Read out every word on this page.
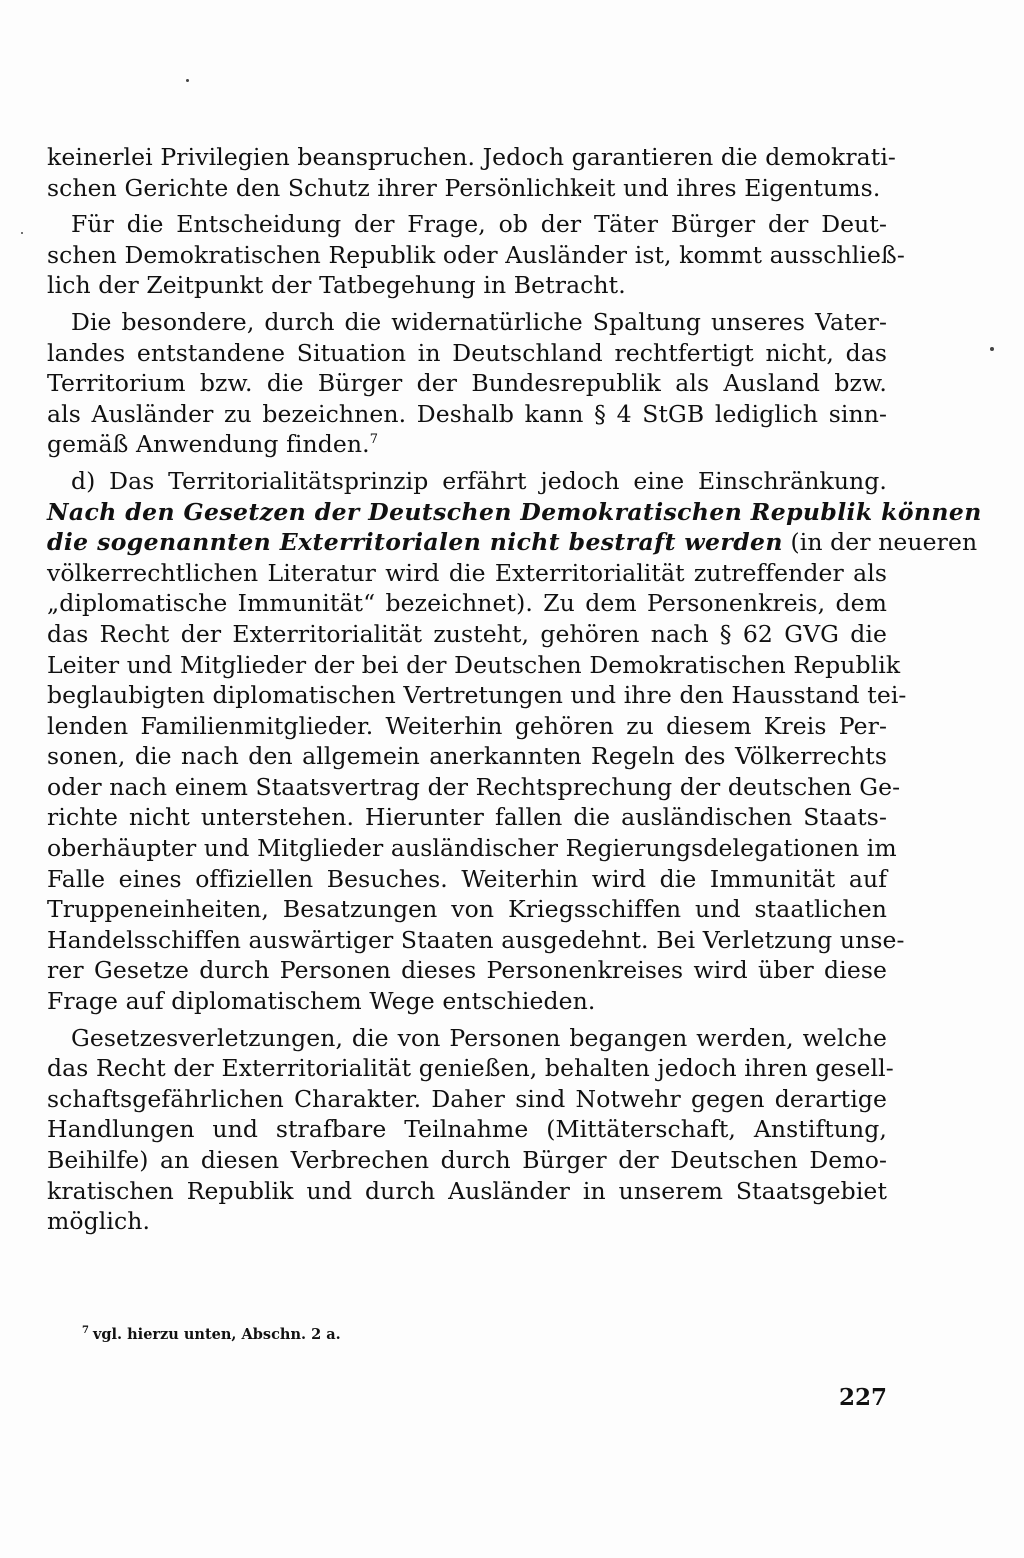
keinerlei Privilegien beanspruchen. Jedoch garantieren die demokrati-
schen Gerichte den Schutz ihrer Persönlichkeit und ihres Eigentums.
Für die Entscheidung der Frage, ob der Täter Bürger der Deut-
schen Demokratischen Republik oder Ausländer ist, kommt ausschließ-
lich der Zeitpunkt der Tatbegehung in Betracht.
Die besondere, durch die widernatürliche Spaltung unseres Vater-
landes entstandene Situation in Deutschland rechtfertigt nicht, das
Territorium bzw. die Bürger der Bundesrepublik als Ausland bzw.
als Ausländer zu bezeichnen. Deshalb kann § 4 StGB lediglich sinn-
gemäß Anwendung finden.$^7$
d) Das Territorialitätsprinzip erfährt jedoch eine Einschränkung.
Nach den Gesetzen der Deutschen Demokratischen Republik können
die sogenannten Exterritorialen nicht bestraft werden (in der neueren
völkerrechtlichen Literatur wird die Exterritorialität zutreffender als
„diplomatische Immunität“ bezeichnet). Zu dem Personenkreis, dem
das Recht der Exterritorialität zusteht, gehören nach § 62 GVG die
Leiter und Mitglieder der bei der Deutschen Demokratischen Republik
beglaubigten diplomatischen Vertretungen und ihre den Hausstand tei-
lenden Familienmitglieder. Weiterhin gehören zu diesem Kreis Per-
sonen, die nach den allgemein anerkannten Regeln des Völkerrechts
oder nach einem Staatsvertrag der Rechtsprechung der deutschen Ge-
richte nicht unterstehen. Hierunter fallen die ausländischen Staats-
oberhäupter und Mitglieder ausländischer Regierungsdelegationen im
Falle eines offiziellen Besuches. Weiterhin wird die Immunität auf
Truppeneinheiten, Besatzungen von Kriegsschiffen und staatlichen
Handelsschiffen auswärtiger Staaten ausgedehnt. Bei Verletzung unse-
rer Gesetze durch Personen dieses Personenkreises wird über diese
Frage auf diplomatischem Wege entschieden.
Gesetzesverletzungen, die von Personen begangen werden, welche
das Recht der Exterritorialität genießen, behalten jedoch ihren gesell-
schaftsgefährlichen Charakter. Daher sind Notwehr gegen derartige
Handlungen und strafbare Teilnahme (Mittäterschaft, Anstiftung,
Beihilfe) an diesen Verbrechen durch Bürger der Deutschen Demo-
kratischen Republik und durch Ausländer in unserem Staatsgebiet
möglich.
$^7$ vgl. hierzu unten, Abschn. 2 a.
227
